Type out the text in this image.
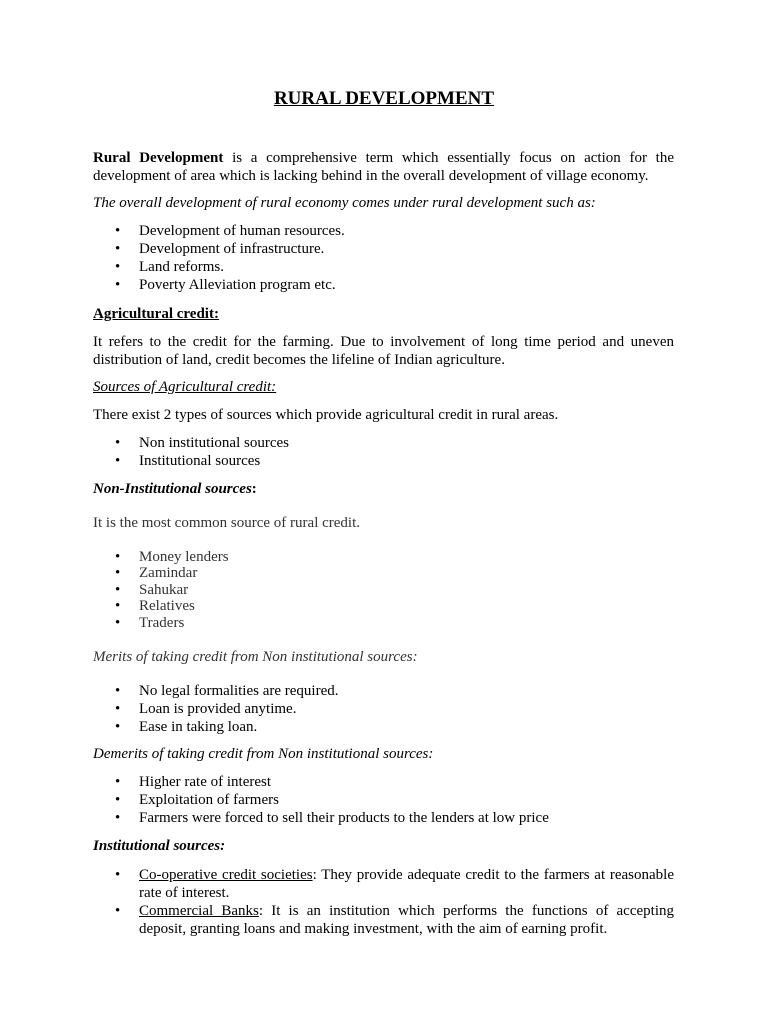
RURAL DEVELOPMENT

Rural Development is a comprehensive term which essentially focus on action for the development of area which is lacking behind in the overall development of village economy.

The overall development of rural economy comes under rural development such as:

• Development of human resources.
• Development of infrastructure.
• Land reforms.
• Poverty Alleviation program etc.

Agricultural credit:

It refers to the credit for the farming. Due to involvement of long time period and uneven distribution of land, credit becomes the lifeline of Indian agriculture.

Sources of Agricultural credit:

There exist 2 types of sources which provide agricultural credit in rural areas.

• Non institutional sources
• Institutional sources

Non-Institutional sources:

It is the most common source of rural credit.

• Money lenders
• Zamindar
• Sahukar
• Relatives
• Traders

Merits of taking credit from Non institutional sources:

• No legal formalities are required.
• Loan is provided anytime.
• Ease in taking loan.

Demerits of taking credit from Non institutional sources:

• Higher rate of interest
• Exploitation of farmers
• Farmers were forced to sell their products to the lenders at low price

Institutional sources:

• Co-operative credit societies: They provide adequate credit to the farmers at reasonable rate of interest.
• Commercial Banks: It is an institution which performs the functions of accepting deposit, granting loans and making investment, with the aim of earning profit.
